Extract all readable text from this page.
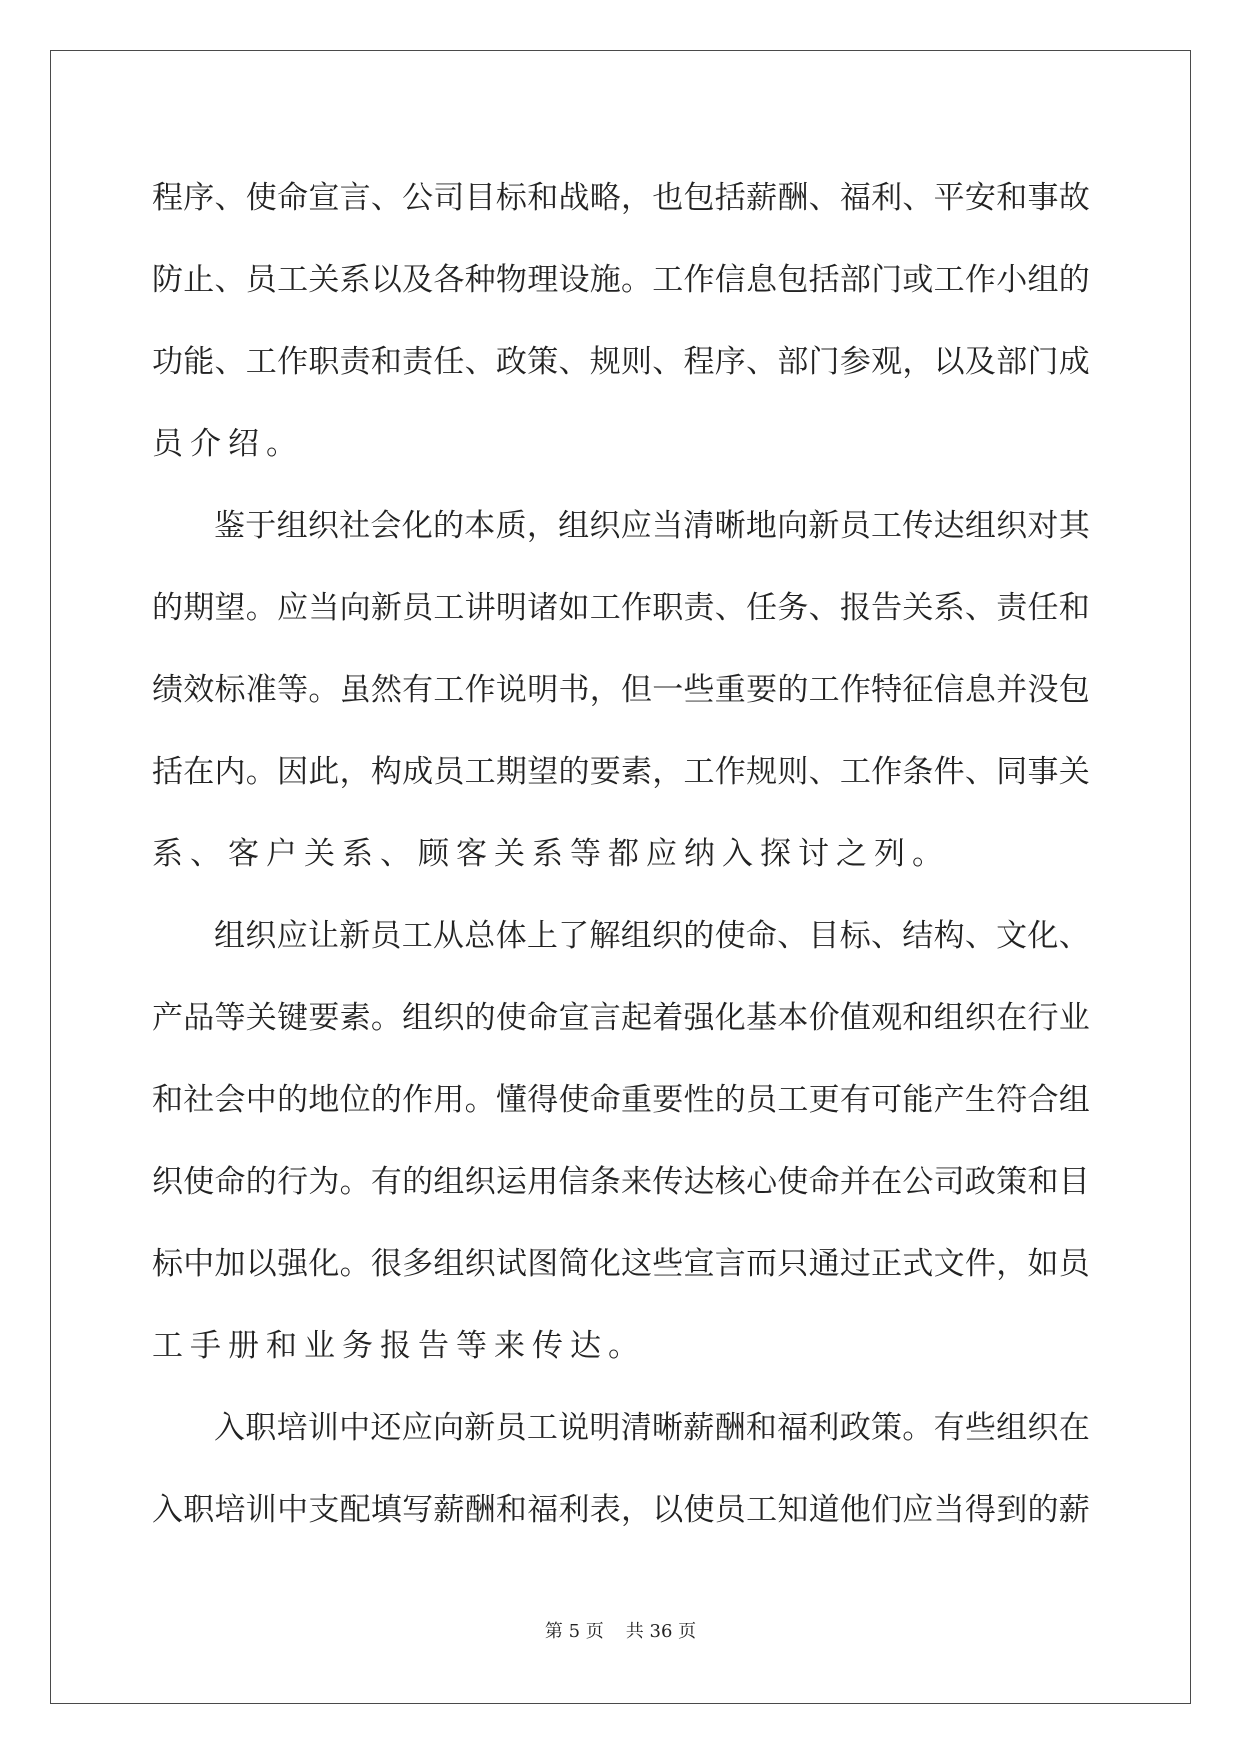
程序、使命宣言、公司目标和战略，也包括薪酬、福利、平安和事故
防止、员工关系以及各种物理设施。工作信息包括部门或工作小组的
功能、工作职责和责任、政策、规则、程序、部门参观，以及部门成
员介绍。
鉴于组织社会化的本质，组织应当清晰地向新员工传达组织对其
的期望。应当向新员工讲明诸如工作职责、任务、报告关系、责任和
绩效标准等。虽然有工作说明书，但一些重要的工作特征信息并没包
括在内。因此，构成员工期望的要素，工作规则、工作条件、同事关
系、客户关系、顾客关系等都应纳入探讨之列。
组织应让新员工从总体上了解组织的使命、目标、结构、文化、
产品等关键要素。组织的使命宣言起着强化基本价值观和组织在行业
和社会中的地位的作用。懂得使命重要性的员工更有可能产生符合组
织使命的行为。有的组织运用信条来传达核心使命并在公司政策和目
标中加以强化。很多组织试图简化这些宣言而只通过正式文件，如员
工手册和业务报告等来传达。
入职培训中还应向新员工说明清晰薪酬和福利政策。有些组织在
入职培训中支配填写薪酬和福利表，以使员工知道他们应当得到的薪
第 5 页 共 36 页
